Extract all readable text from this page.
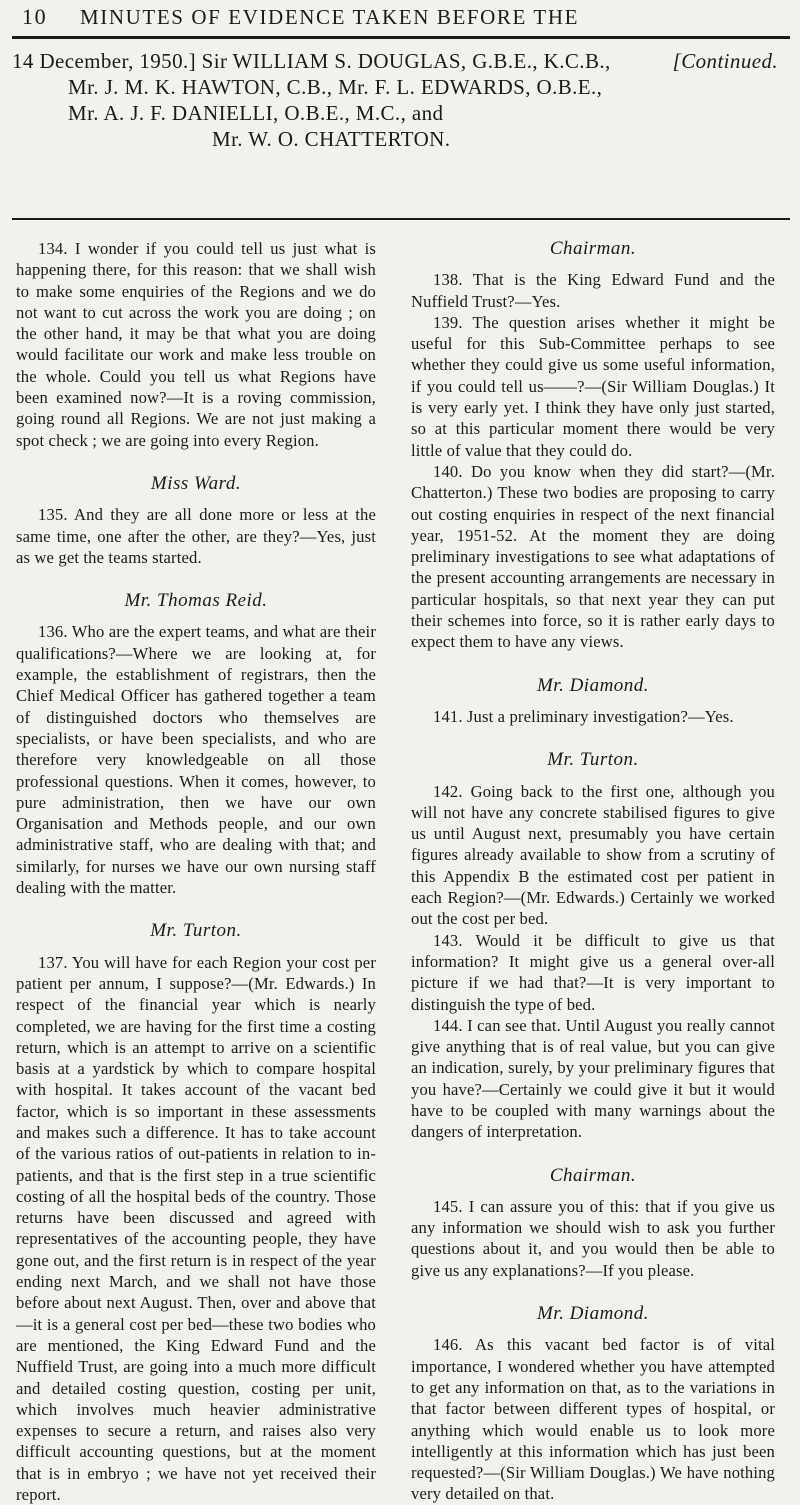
10 MINUTES OF EVIDENCE TAKEN BEFORE THE
[Continued.
14 December, 1950.] Sir WILLIAM S. DOUGLAS, G.B.E., K.C.B.,
Mr. J. M. K. HAWTON, C.B., Mr. F. L. EDWARDS, O.B.E.,
Mr. A. J. F. DANIELLI, O.B.E., M.C., and
Mr. W. O. CHATTERTON.

134. I wonder if you could tell us just what is happening there, for this reason: that we shall wish to make some enquiries of the Regions and we do not want to cut across the work you are doing ; on the other hand, it may be that what you are doing would facilitate our work and make less trouble on the whole. Could you tell us what Regions have been examined now?—It is a roving commission, going round all Regions. We are not just making a spot check ; we are going into every Region.

Miss Ward.

135. And they are all done more or less at the same time, one after the other, are they?—Yes, just as we get the teams started.

Mr. Thomas Reid.

136. Who are the expert teams, and what are their qualifications?—Where we are looking at, for example, the establishment of registrars, then the Chief Medical Officer has gathered together a team of distinguished doctors who themselves are specialists, or have been specialists, and who are therefore very knowledgeable on all those professional questions. When it comes, however, to pure administration, then we have our own Organisation and Methods people, and our own administrative staff, who are dealing with that; and similarly, for nurses we have our own nursing staff dealing with the matter.

Mr. Turton.

137. You will have for each Region your cost per patient per annum, I suppose?—(Mr. Edwards.) In respect of the financial year which is nearly completed, we are having for the first time a costing return, which is an attempt to arrive on a scientific basis at a yardstick by which to compare hospital with hospital. It takes account of the vacant bed factor, which is so important in these assessments and makes such a difference. It has to take account of the various ratios of out-patients in relation to in-patients, and that is the first step in a true scientific costing of all the hospital beds of the country. Those returns have been discussed and agreed with representatives of the accounting people, they have gone out, and the first return is in respect of the year ending next March, and we shall not have those before about next August. Then, over and above that—it is a general cost per bed—these two bodies who are mentioned, the King Edward Fund and the Nuffield Trust, are going into a much more difficult and detailed costing question, costing per unit, which involves much heavier administrative expenses to secure a return, and raises also very difficult accounting questions, but at the moment that is in embryo ; we have not yet received their report.

Chairman.

138. That is the King Edward Fund and the Nuffield Trust?—Yes.

139. The question arises whether it might be useful for this Sub-Committee perhaps to see whether they could give us some useful information, if you could tell us——?—(Sir William Douglas.) It is very early yet. I think they have only just started, so at this particular moment there would be very little of value that they could do.

140. Do you know when they did start?—(Mr. Chatterton.) These two bodies are proposing to carry out costing enquiries in respect of the next financial year, 1951-52. At the moment they are doing preliminary investigations to see what adaptations of the present accounting arrangements are necessary in particular hospitals, so that next year they can put their schemes into force, so it is rather early days to expect them to have any views.

Mr. Diamond.

141. Just a preliminary investigation?—Yes.

Mr. Turton.

142. Going back to the first one, although you will not have any concrete stabilised figures to give us until August next, presumably you have certain figures already available to show from a scrutiny of this Appendix B the estimated cost per patient in each Region?—(Mr. Edwards.) Certainly we worked out the cost per bed.

143. Would it be difficult to give us that information? It might give us a general over-all picture if we had that?—It is very important to distinguish the type of bed.

144. I can see that. Until August you really cannot give anything that is of real value, but you can give an indication, surely, by your preliminary figures that you have?—Certainly we could give it but it would have to be coupled with many warnings about the dangers of interpretation.

Chairman.

145. I can assure you of this: that if you give us any information we should wish to ask you further questions about it, and you would then be able to give us any explanations?—If you please.

Mr. Diamond.

146. As this vacant bed factor is of vital importance, I wondered whether you have attempted to get any information on that, as to the variations in that factor between different types of hospital, or anything which would enable us to look more intelligently at this information which has just been requested?—(Sir William Douglas.) We have nothing very detailed on that.
